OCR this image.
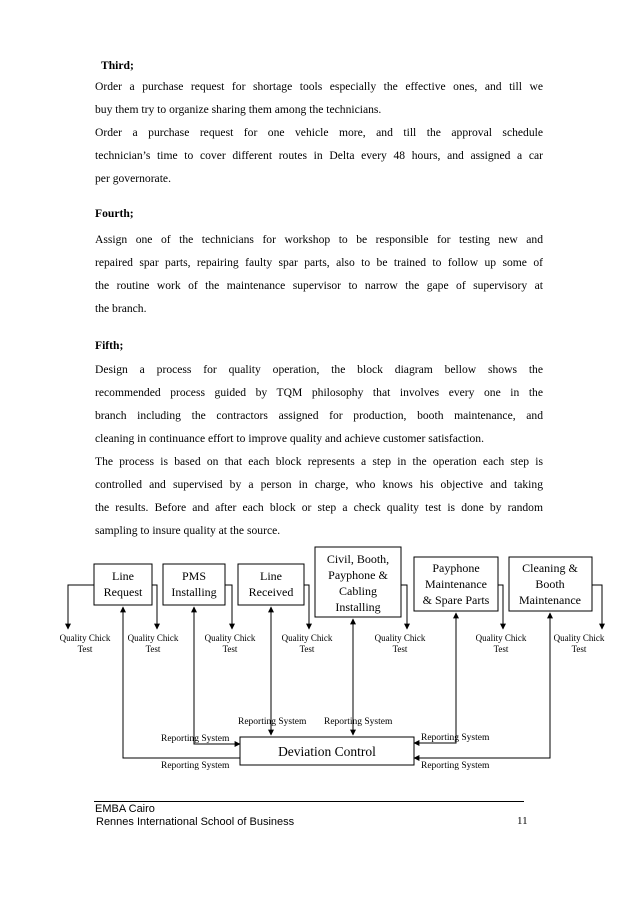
Third;
Order a purchase request for shortage tools especially the effective ones, and till we
buy them try to organize sharing them among the technicians.
Order a purchase request for one vehicle more, and till the approval schedule
technician’s time to cover different routes in Delta every 48 hours, and assigned a car
per governorate.
Fourth;
Assign one of the technicians for workshop to be responsible for testing new and
repaired spar parts, repairing faulty spar parts, also to be trained to follow up some of
the routine work of the maintenance supervisor to narrow the gape of supervisory at
the branch.
Fifth;
Design a process for quality operation, the block diagram bellow shows the
recommended process guided by TQM philosophy that involves every one in the
branch including the contractors assigned for production, booth maintenance, and
cleaning in continuance effort to improve quality and achieve customer satisfaction.
The process is based on that each block represents a step in the operation each step is
controlled and supervised by a person in charge, who knows his objective and taking
the results. Before and after each block or step a check quality test is done by random
sampling to insure quality at the source.
Line
Request
PMS
Installing
Line
Received
Civil, Booth,
Payphone &
Cabling
Installing
Payphone
Maintenance
& Spare Parts
Cleaning &
Booth
Maintenance
Quality Chick
Test
Quality Chick
Test
Quality Chick
Test
Quality Chick
Test
Quality Chick
Test
Quality Chick
Test
Quality Chick
Test
Deviation Control
Reporting System Reporting System
Reporting System	Reporting System
Reporting System	Reporting System
EMBA Cairo
Rennes International School of Business	11
